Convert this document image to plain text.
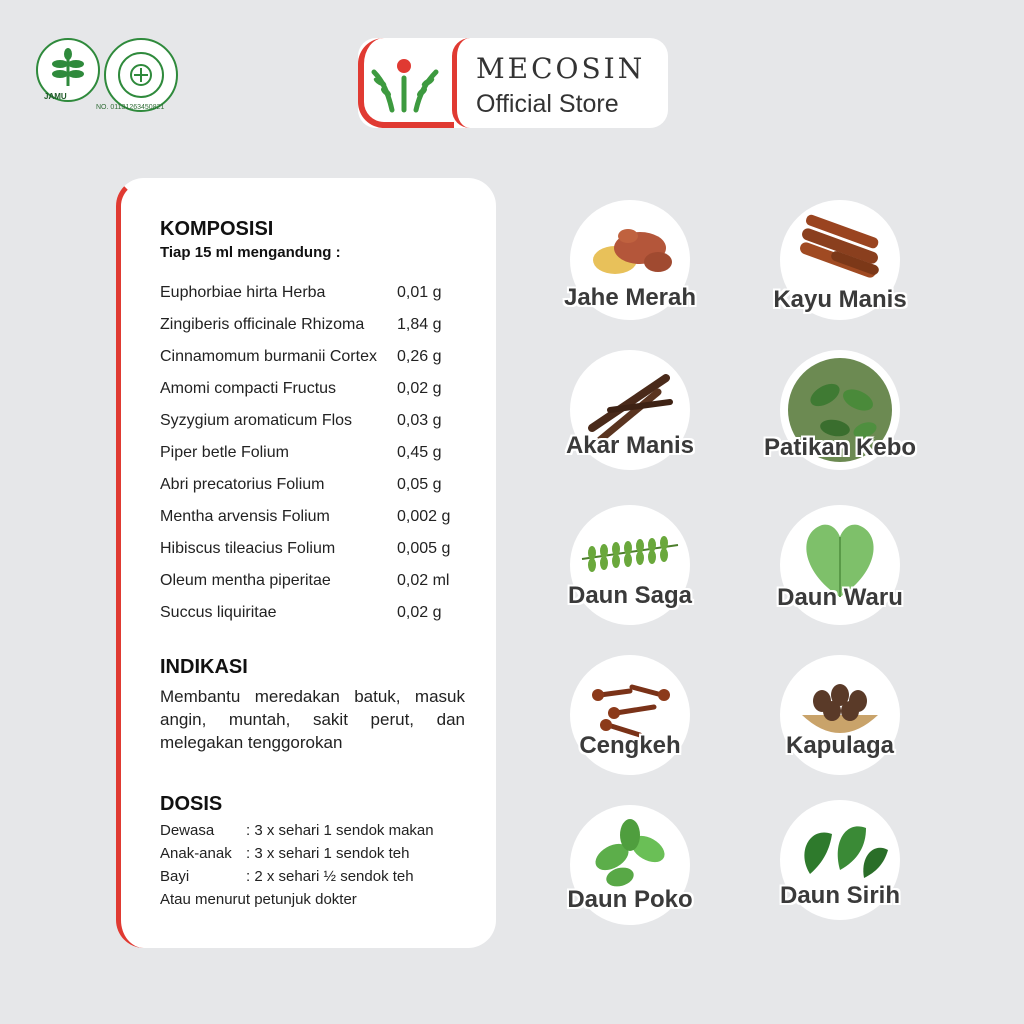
JAMU
NO. 01131263450821
MECOSIN
Official Store
KOMPOSISI
Tiap 15 ml mengandung :
Euphorbiae hirta Herba	0,01 g
Zingiberis officinale Rhizoma 1,84 g
Cinnamomum burmanii Cortex 0,26 g
Amomi compacti Fructus	0,02 g
Syzygium aromaticum Flos	0,03 g
Piper betle Folium	0,45 g
Abri precatorius Folium	0,05 g
Mentha arvensis Folium	0,002 g
Hibiscus tileacius Folium	0,005 g
Oleum mentha piperitae	0,02 ml
Succus liquiritae	0,02 g
INDIKASI
Membantu meredakan batuk, masuk angin, muntah, sakit perut, dan melegakan tenggorokan
DOSIS
Dewasa : 3 x sehari 1 sendok makan
Anak-anak : 3 x sehari 1 sendok teh
Bayi	: 2 x sehari ½ sendok teh
Atau menurut petunjuk dokter
Jahe Merah	Kayu Manis
Akar Manis	Patikan Kebo
Daun Saga	Daun Waru
Cengkeh	Kapulaga
Daun Poko	Daun Sirih
